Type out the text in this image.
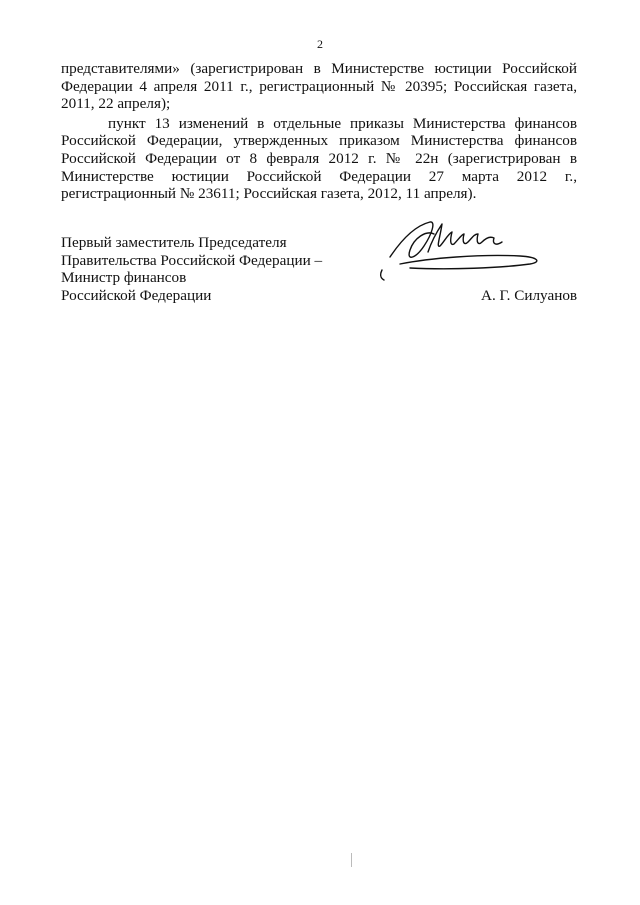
2

представителями» (зарегистрирован в Министерстве юстиции Российской Федерации 4 апреля 2011 г., регистрационный № 20395; Российская газета, 2011, 22 апреля);

пункт 13 изменений в отдельные приказы Министерства финансов Российской Федерации, утвержденных приказом Министерства финансов Российской Федерации от 8 февраля 2012 г. № 22н (зарегистрирован в Министерстве юстиции Российской Федерации 27 марта 2012 г., регистрационный № 23611; Российская газета, 2012, 11 апреля).

Первый заместитель Председателя
Правительства Российской Федерации –
Министр финансов
Российской Федерации	А. Г. Силуанов
